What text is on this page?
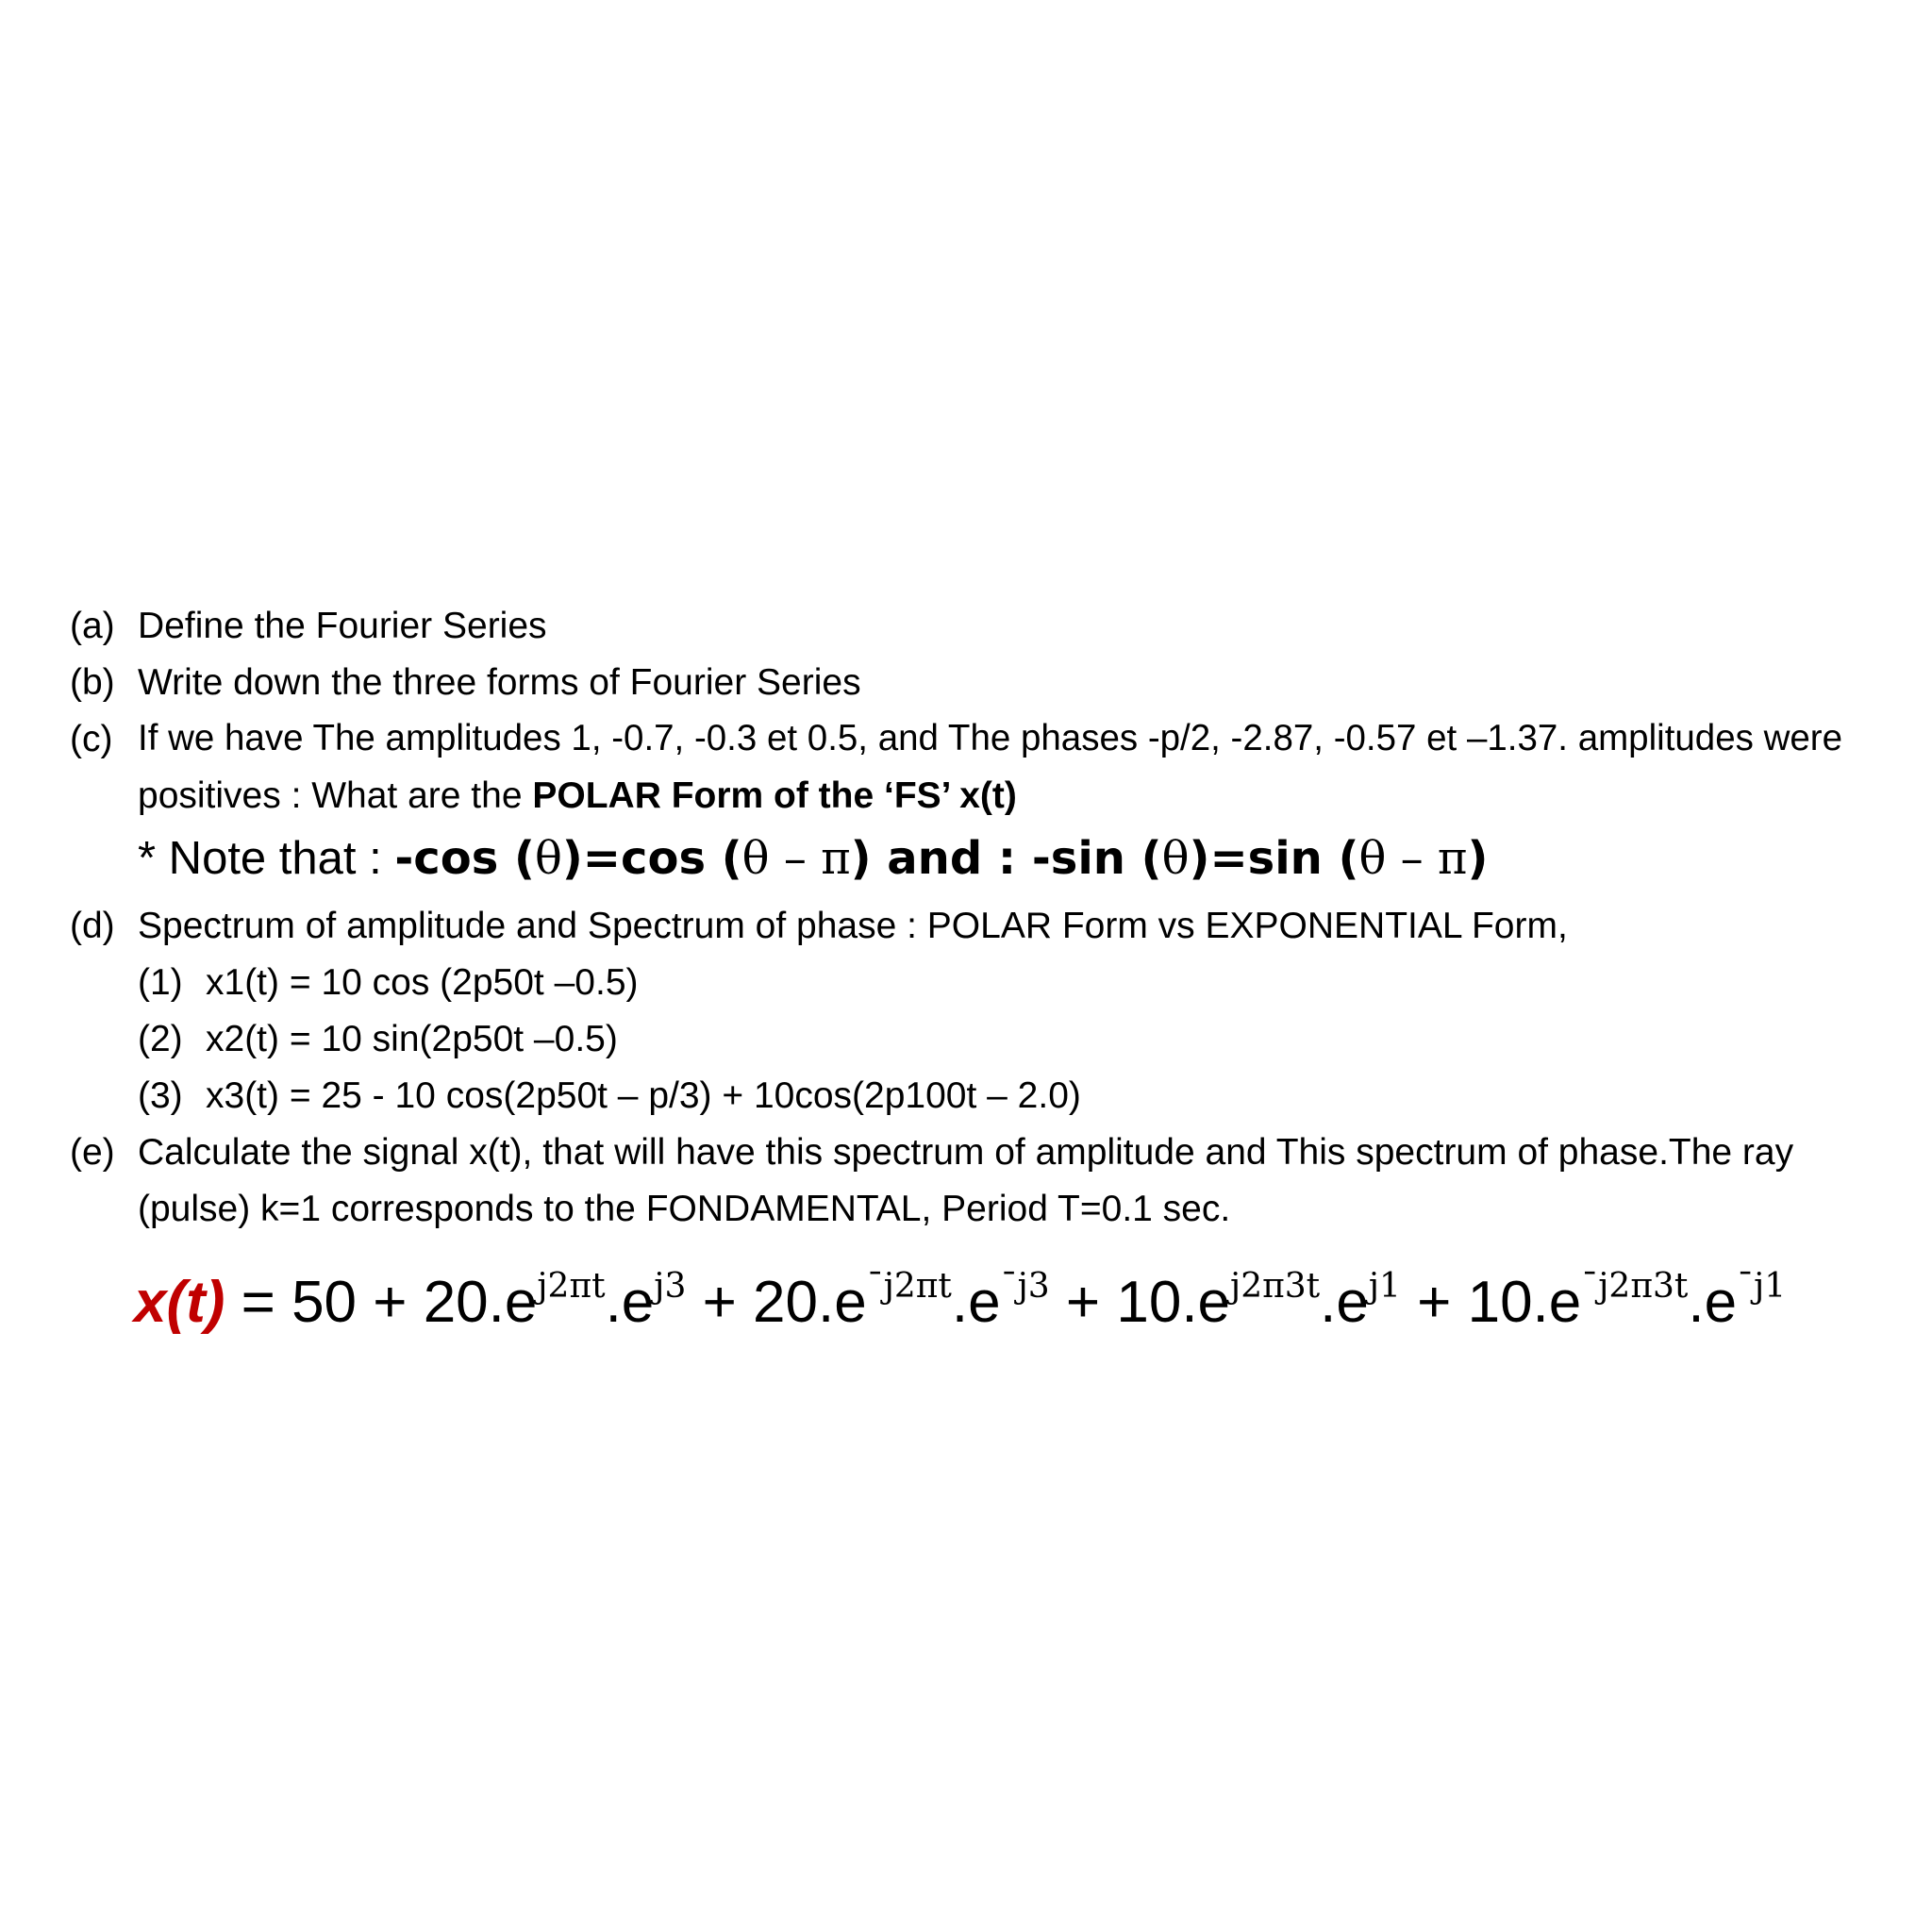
(a) Define the Fourier Series
(b) Write down the three forms of Fourier Series
(c) If we have The amplitudes 1, -0.7, -0.3 et 0.5, and The phases -p/2, -2.87, -0.57 et –1.37. amplitudes were
positives : What are the POLAR Form of the ‘FS’ x(t)
* Note that : -cos (θ)=cos (θ – π) and : -sin (θ)=sin (θ – π)
(d) Spectrum of amplitude and Spectrum of phase : POLAR Form vs EXPONENTIAL Form,
(1) x1(t) = 10 cos (2p50t –0.5)
(2) x2(t) = 10 sin(2p50t –0.5)
(3) x3(t) = 25 - 10 cos(2p50t – p/3) + 10cos(2p100t – 2.0)
(e) Calculate the signal x(t), that will have this spectrum of amplitude and This spectrum of phase.The ray
(pulse) k=1 corresponds to the FONDAMENTAL, Period T=0.1 sec.
$x(t) = 50 + 20.e^{j2\pi t}.e^{j3} + 20.e^{¯j2\pi t}.e^{¯j3} + 10.e^{j2\pi 3t}.e^{j1} + 10.e^{¯j2\pi 3t}.e^{¯j1}$
